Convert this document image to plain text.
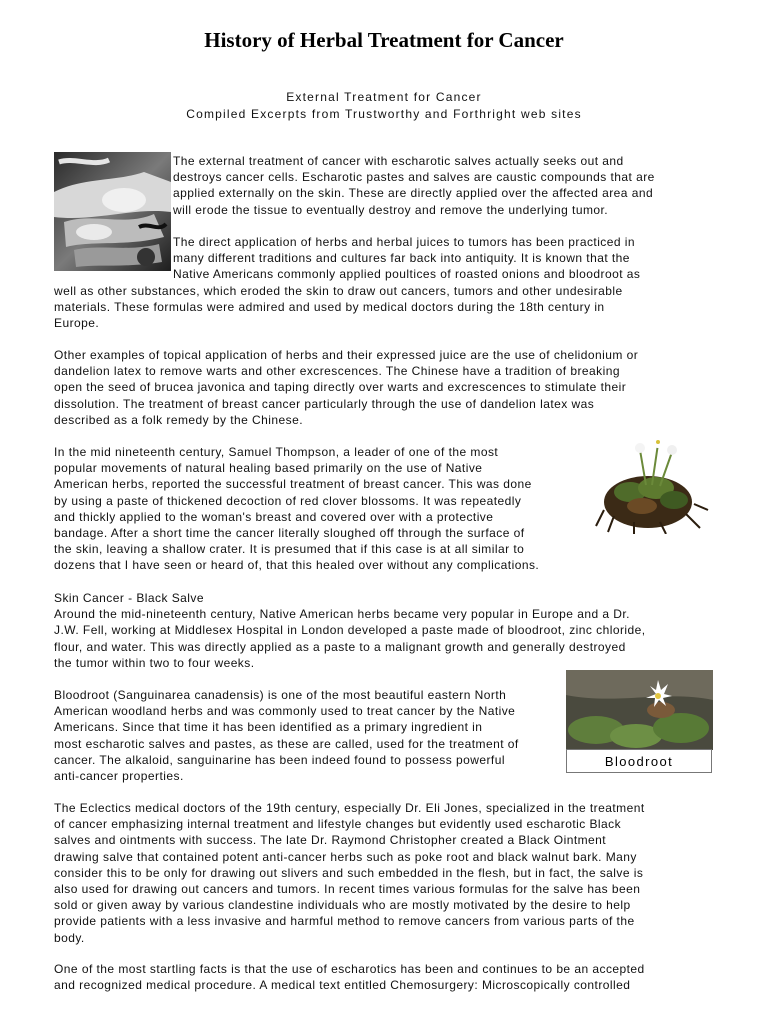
History of Herbal Treatment for Cancer

External Treatment for Cancer

Compiled Excerpts from Trustworthy and Forthright web sites

Bloodroot
The external treatment of cancer with escharotic salves actually seeks out and
destroys cancer cells. Escharotic pastes and salves are caustic compounds that are
applied externally on the skin. These are directly applied over the affected area and
will erode the tissue to eventually destroy and remove the underlying tumor.
The direct application of herbs and herbal juices to tumors has been practiced in
many different traditions and cultures far back into antiquity. It is known that the
Native Americans commonly applied poultices of roasted onions and bloodroot as
well as other substances, which eroded the skin to draw out cancers, tumors and other undesirable
materials. These formulas were admired and used by medical doctors during the 18th century in
Europe.
Other examples of topical application of herbs and their expressed juice are the use of chelidonium or
dandelion latex to remove warts and other excrescences. The Chinese have a tradition of breaking
open the seed of brucea javonica and taping directly over warts and excrescences to stimulate their
dissolution. The treatment of breast cancer particularly through the use of dandelion latex was
described as a folk remedy by the Chinese.
In the mid nineteenth century, Samuel Thompson, a leader of one of the most
popular movements of natural healing based primarily on the use of Native
American herbs, reported the successful treatment of breast cancer. This was done
by using a paste of thickened decoction of red clover blossoms. It was repeatedly
and thickly applied to the woman's breast and covered over with a protective
bandage. After a short time the cancer literally sloughed off through the surface of
the skin, leaving a shallow crater. It is presumed that if this case is at all similar to
dozens that I have seen or heard of, that this healed over without any complications.
Skin Cancer - Black Salve
Around the mid-nineteenth century, Native American herbs became very popular in Europe and a Dr.
J.W. Fell, working at Middlesex Hospital in London developed a paste made of bloodroot, zinc chloride,
flour, and water. This was directly applied as a paste to a malignant growth and generally destroyed
the tumor within two to four weeks.
Bloodroot (Sanguinarea canadensis) is one of the most beautiful eastern North
American woodland herbs and was commonly used to treat cancer by the Native
Americans. Since that time it has been identified as a primary ingredient in
most escharotic salves and pastes, as these are called, used for the treatment of
cancer. The alkaloid, sanguinarine has been indeed found to possess powerful
anti-cancer properties.
The Eclectics medical doctors of the 19th century, especially Dr. Eli Jones, specialized in the treatment
of cancer emphasizing internal treatment and lifestyle changes but evidently used escharotic Black
salves and ointments with success. The late Dr. Raymond Christopher created a Black Ointment
drawing salve that contained potent anti-cancer herbs such as poke root and black walnut bark. Many
consider this to be only for drawing out slivers and such embedded in the flesh, but in fact, the salve is
also used for drawing out cancers and tumors. In recent times various formulas for the salve has been
sold or given away by various clandestine individuals who are mostly motivated by the desire to help
provide patients with a less invasive and harmful method to remove cancers from various parts of the
body.
One of the most startling facts is that the use of escharotics has been and continues to be an accepted
and recognized medical procedure. A medical text entitled Chemosurgery: Microscopically controlled
